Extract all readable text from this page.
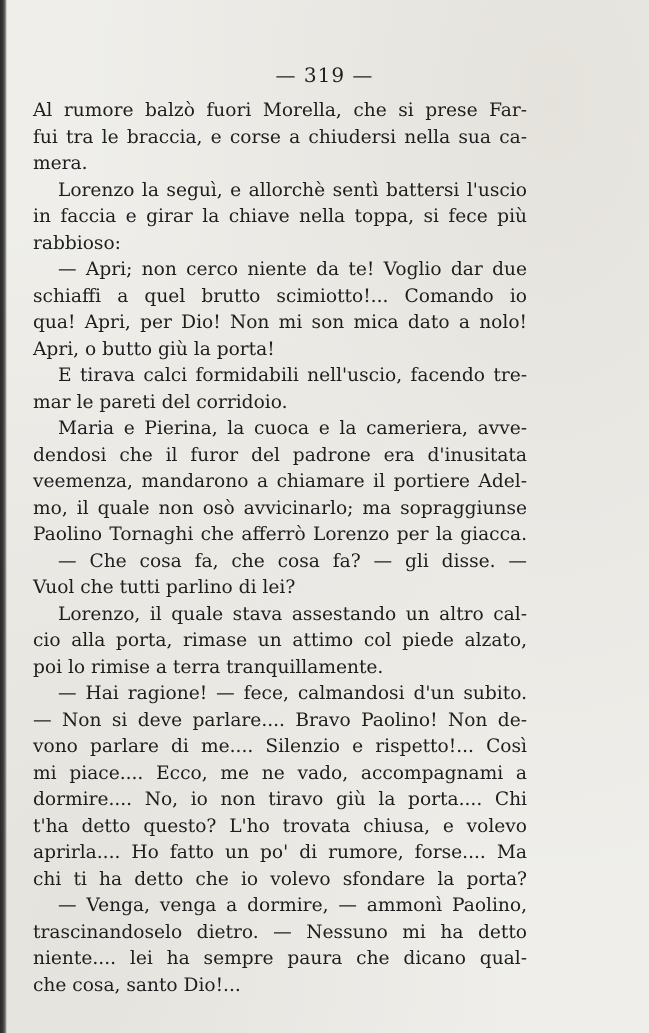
— 319 —
Al rumore balzò fuori Morella, che si prese Far-
fui tra le braccia, e corse a chiudersi nella sua ca-
mera.
Lorenzo la seguì, e allorchè sentì battersi l'uscio
in faccia e girar la chiave nella toppa, si fece più
rabbioso:
— Apri; non cerco niente da te! Voglio dar due
schiaffi a quel brutto scimiotto!... Comando io
qua! Apri, per Dio! Non mi son mica dato a nolo!
Apri, o butto giù la porta!
E tirava calci formidabili nell'uscio, facendo tre-
mar le pareti del corridoio.
Maria e Pierina, la cuoca e la cameriera, avve-
dendosi che il furor del padrone era d'inusitata
veemenza, mandarono a chiamare il portiere Adel-
mo, il quale non osò avvicinarlo; ma sopraggiunse
Paolino Tornaghi che afferrò Lorenzo per la giacca.
— Che cosa fa, che cosa fa? — gli disse. —
Vuol che tutti parlino di lei?
Lorenzo, il quale stava assestando un altro cal-
cio alla porta, rimase un attimo col piede alzato,
poi lo rimise a terra tranquillamente.
— Hai ragione! — fece, calmandosi d'un subito.
— Non si deve parlare.... Bravo Paolino! Non de-
vono parlare di me.... Silenzio e rispetto!... Così
mi piace.... Ecco, me ne vado, accompagnami a
dormire.... No, io non tiravo giù la porta.... Chi
t'ha detto questo? L'ho trovata chiusa, e volevo
aprirla.... Ho fatto un po' di rumore, forse.... Ma
chi ti ha detto che io volevo sfondare la porta?
— Venga, venga a dormire, — ammonì Paolino,
trascinandoselo dietro. — Nessuno mi ha detto
niente.... lei ha sempre paura che dicano qual-
che cosa, santo Dio!...
